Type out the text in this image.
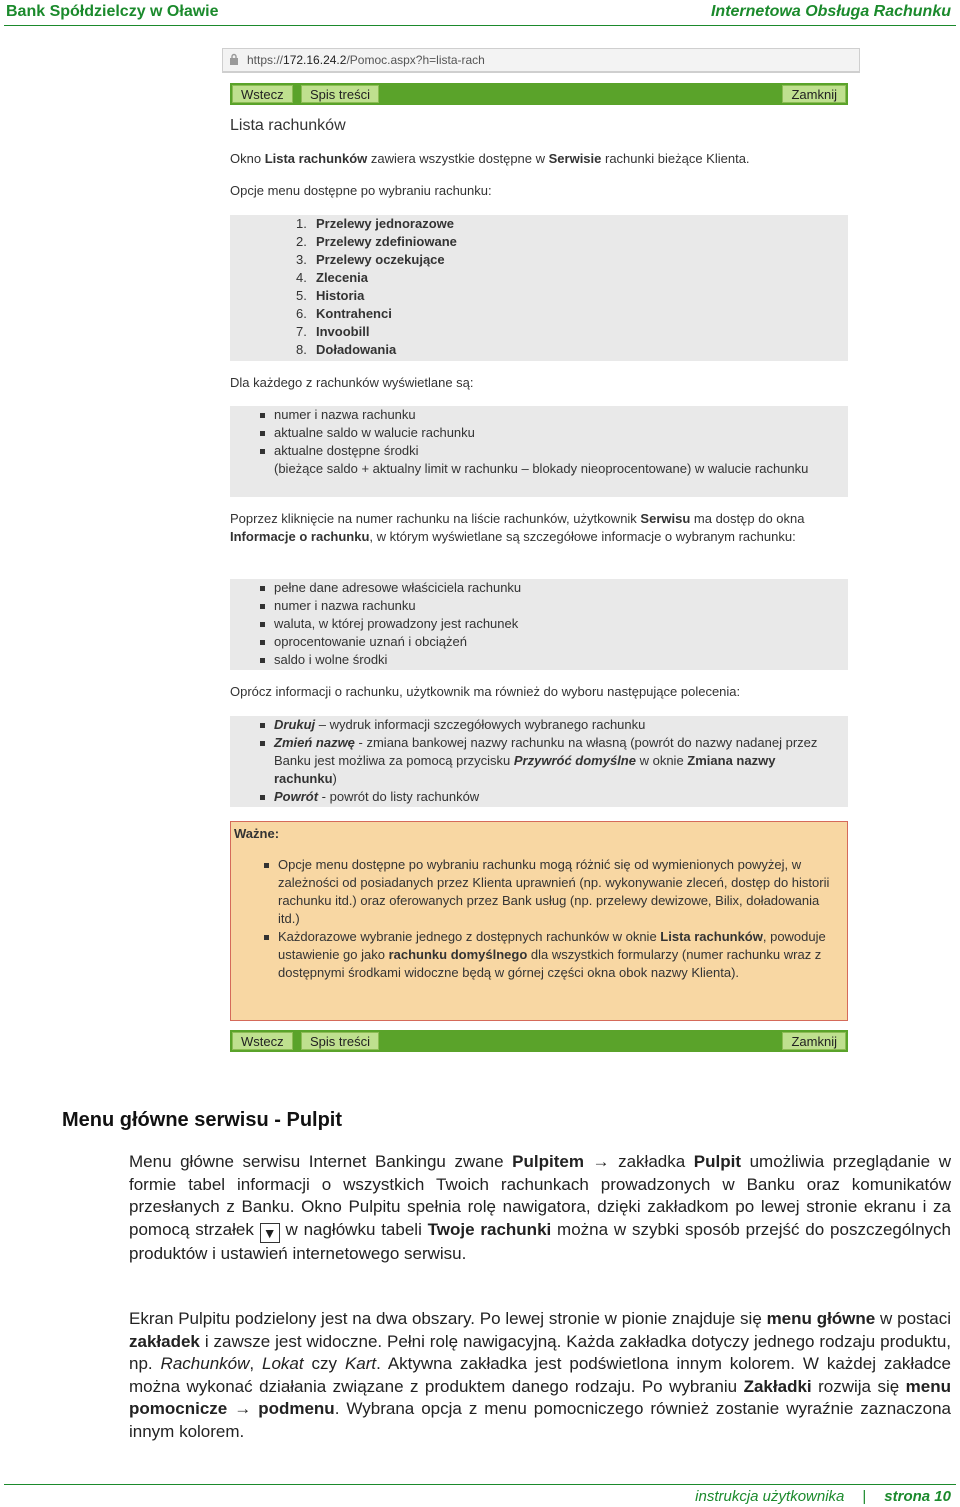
Bank Spółdzielczy w Oławie	Internetowa Obsługa Rachunku
https://172.16.24.2/Pomoc.aspx?h=lista-rach
Wstecz	Spis treści	Zamknij
Lista rachunków
Okno Lista rachunków zawiera wszystkie dostępne w Serwisie rachunki bieżące Klienta.
Opcje menu dostępne po wybraniu rachunku:
1. Przelewy jednorazowe
2. Przelewy zdefiniowane
3. Przelewy oczekujące
4. Zlecenia
5. Historia
6. Kontrahenci
7. Invoobill
8. Doładowania
Dla każdego z rachunków wyświetlane są:
numer i nazwa rachunku
aktualne saldo w walucie rachunku
aktualne dostępne środki
(bieżące saldo + aktualny limit w rachunku – blokady nieoprocentowane) w walucie rachunku
Poprzez kliknięcie na numer rachunku na liście rachunków, użytkownik Serwisu ma dostęp do okna Informacje o rachunku, w którym wyświetlane są szczegółowe informacje o wybranym rachunku:
pełne dane adresowe właściciela rachunku
numer i nazwa rachunku
waluta, w której prowadzony jest rachunek
oprocentowanie uznań i obciążeń
saldo i wolne środki
Oprócz informacji o rachunku, użytkownik ma również do wyboru następujące polecenia:
Drukuj – wydruk informacji szczegółowych wybranego rachunku
Zmień nazwę - zmiana bankowej nazwy rachunku na własną (powrót do nazwy nadanej przez Banku jest możliwa za pomocą przycisku Przywróć domyślne w oknie Zmiana nazwy rachunku)
Powrót - powrót do listy rachunków
Ważne:
Opcje menu dostępne po wybraniu rachunku mogą różnić się od wymienionych powyżej, w zależności od posiadanych przez Klienta uprawnień (np. wykonywanie zleceń, dostęp do historii rachunku itd.) oraz oferowanych przez Bank usług (np. przelewy dewizowe, Bilix, doładowania itd.)
Każdorazowe wybranie jednego z dostępnych rachunków w oknie Lista rachunków, powoduje ustawienie go jako rachunku domyślnego dla wszystkich formularzy (numer rachunku wraz z dostępnymi środkami widoczne będą w górnej części okna obok nazwy Klienta).
Wstecz	Spis treści	Zamknij
Menu główne serwisu - Pulpit
Menu główne serwisu Internet Bankingu zwane Pulpitem → zakładka Pulpit umożliwia przeglądanie w formie tabel informacji o wszystkich Twoich rachunkach prowadzonych w Banku oraz komunikatów przesłanych z Banku. Okno Pulpitu spełnia rolę nawigatora, dzięki zakładkom po lewej stronie ekranu i za pomocą strzałek ▼ w nagłówku tabeli Twoje rachunki można w szybki sposób przejść do poszczególnych produktów i ustawień internetowego serwisu.
Ekran Pulpitu podzielony jest na dwa obszary. Po lewej stronie w pionie znajduje się menu główne w postaci zakładek i zawsze jest widoczne. Pełni rolę nawigacyjną. Każda zakładka dotyczy jednego rodzaju produktu, np. Rachunków, Lokat czy Kart. Aktywna zakładka jest podświetlona innym kolorem. W każdej zakładce można wykonać działania związane z produktem danego rodzaju. Po wybraniu Zakładki rozwija się menu pomocnicze → podmenu. Wybrana opcja z menu pomocniczego również zostanie wyraźnie zaznaczona innym kolorem.
instrukcja użytkownika | strona 10
